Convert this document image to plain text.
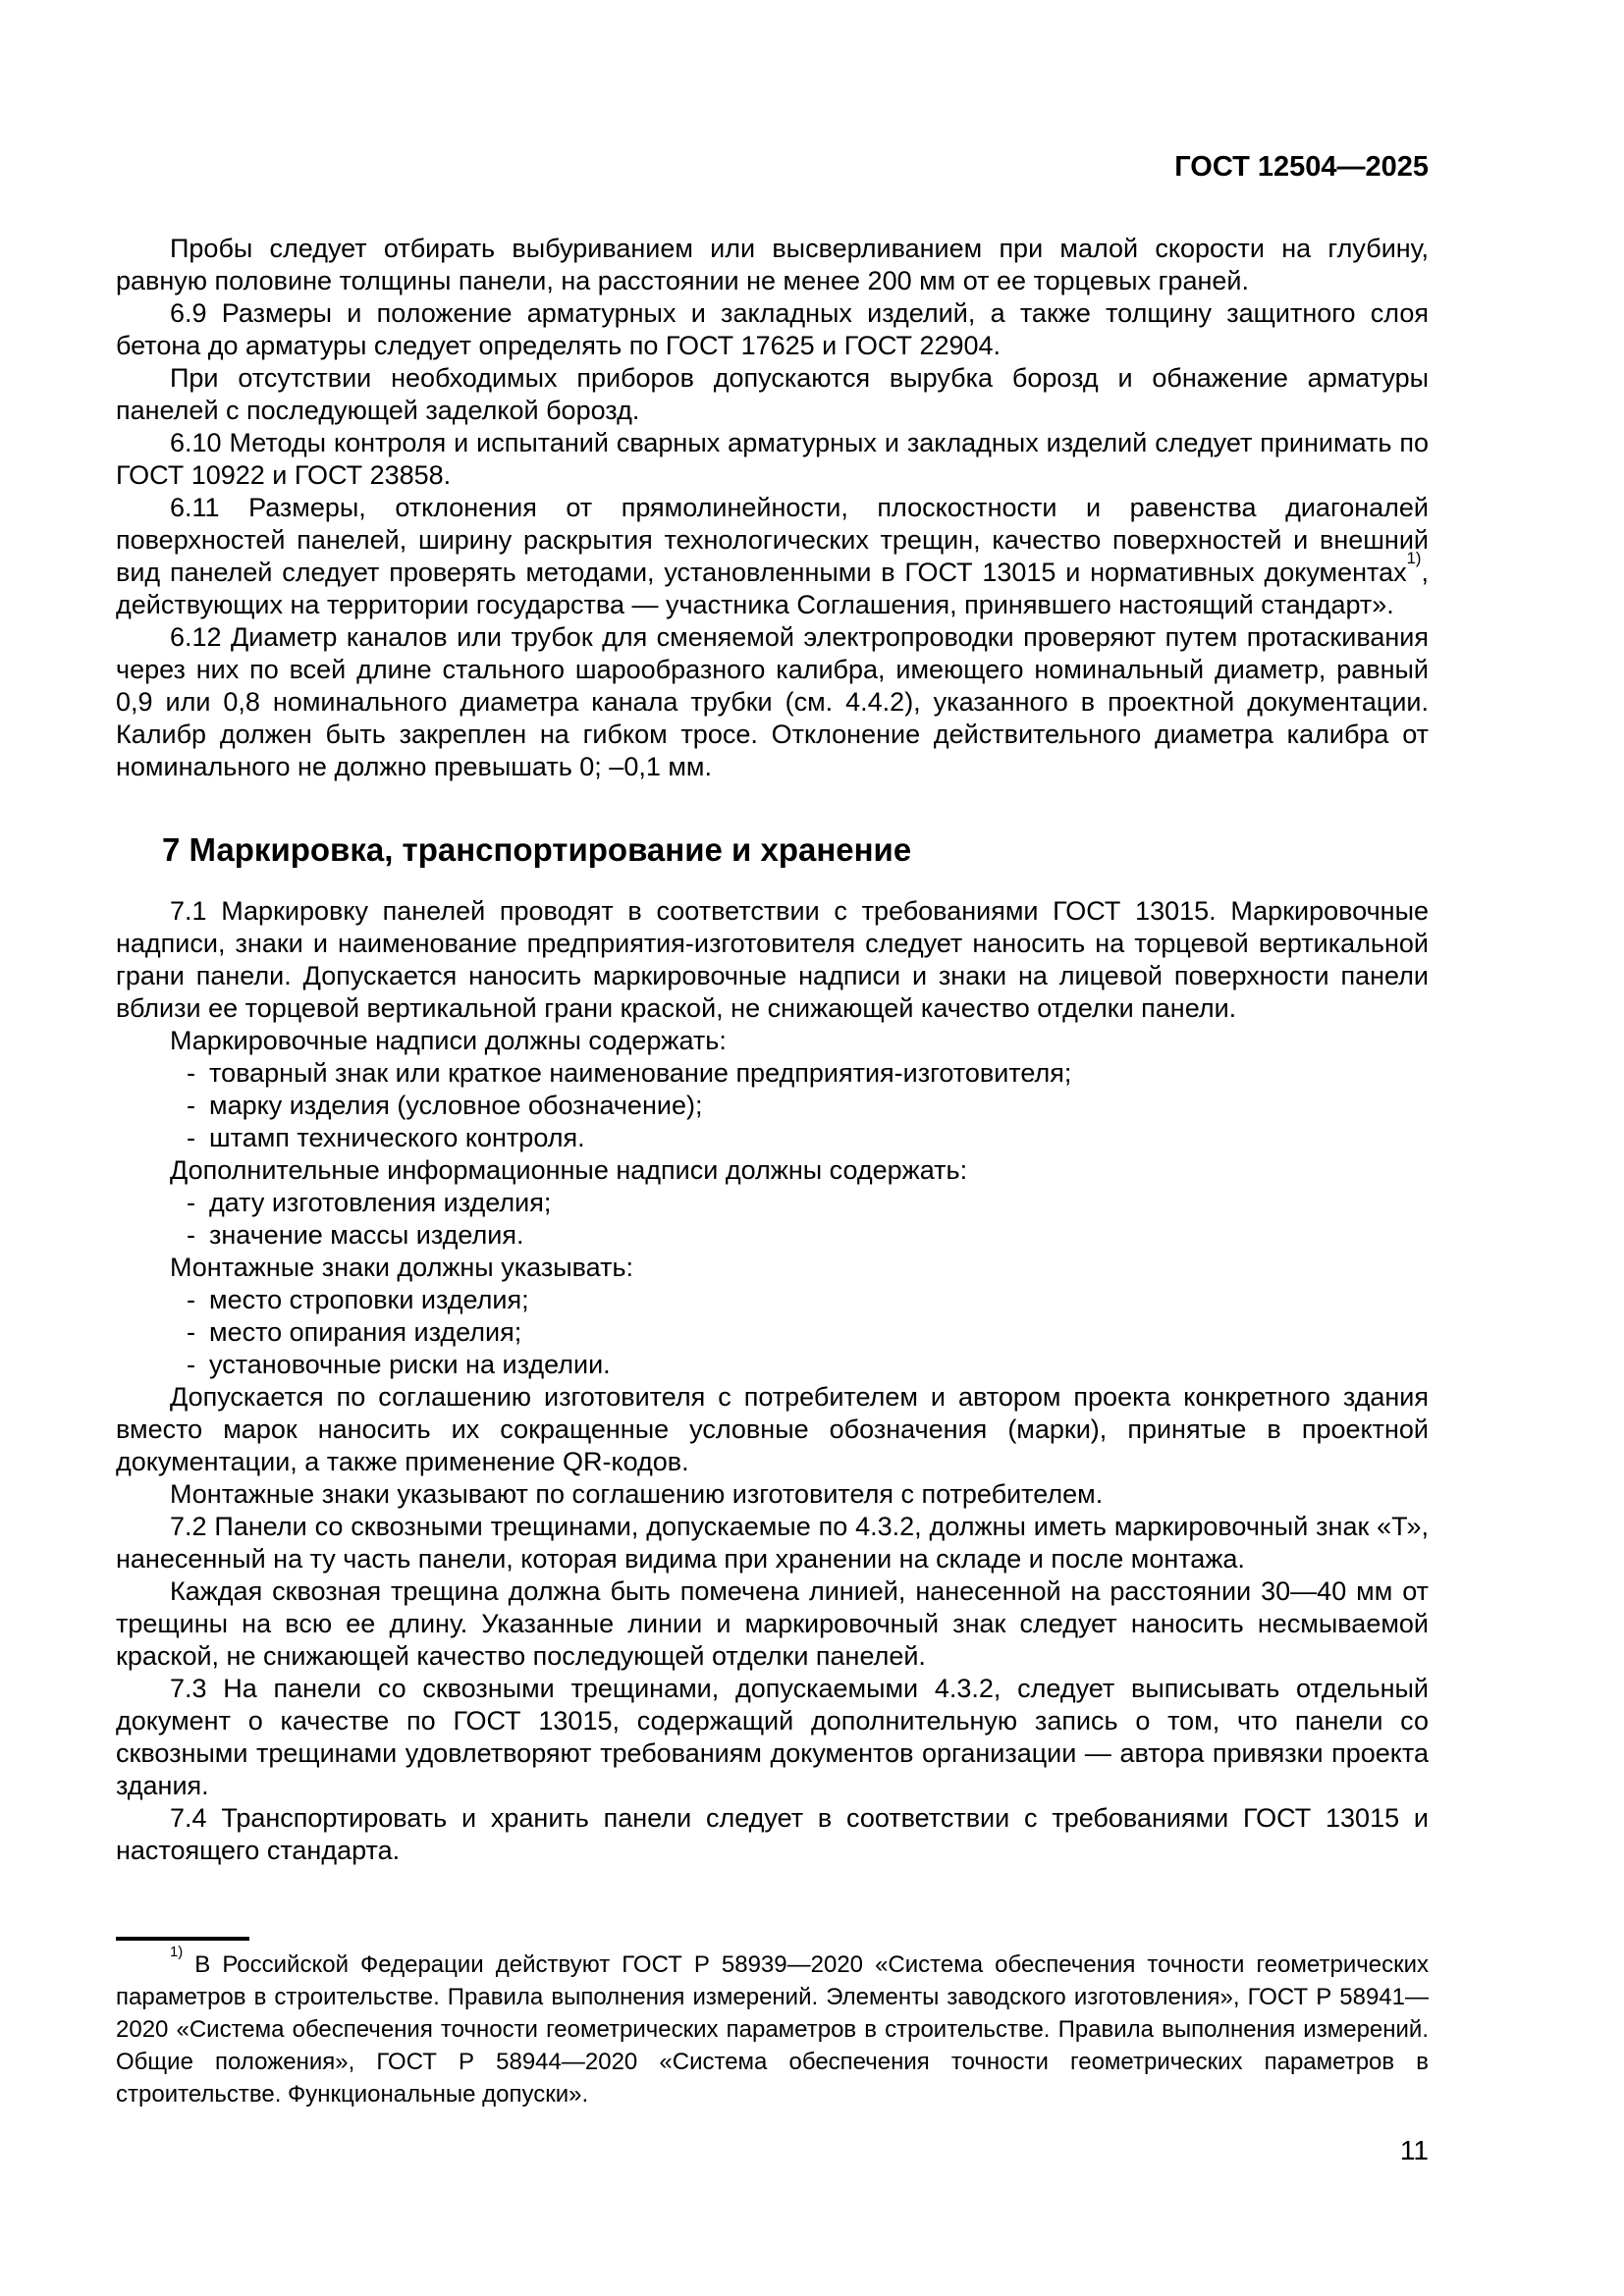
ГОСТ 12504—2025

Пробы следует отбирать выбуриванием или высверливанием при малой скорости на глубину, равную половине толщины панели, на расстоянии не менее 200 мм от ее торцевых граней.

6.9 Размеры и положение арматурных и закладных изделий, а также толщину защитного слоя бетона до арматуры следует определять по ГОСТ 17625 и ГОСТ 22904.

При отсутствии необходимых приборов допускаются вырубка борозд и обнажение арматуры панелей с последующей заделкой борозд.

6.10 Методы контроля и испытаний сварных арматурных и закладных изделий следует принимать по ГОСТ 10922 и ГОСТ 23858.

6.11 Размеры, отклонения от прямолинейности, плоскостности и равенства диагоналей поверхностей панелей, ширину раскрытия технологических трещин, качество поверхностей и внешний вид панелей следует проверять методами, установленными в ГОСТ 13015 и нормативных документах$^{1)}$, действующих на территории государства — участника Соглашения, принявшего настоящий стандарт».

6.12 Диаметр каналов или трубок для сменяемой электропроводки проверяют путем протаскивания через них по всей длине стального шарообразного калибра, имеющего номинальный диаметр, равный 0,9 или 0,8 номинального диаметра канала трубки (см. 4.4.2), указанного в проектной документации. Калибр должен быть закреплен на гибком тросе. Отклонение действительного диаметра калибра от номинального не должно превышать 0; –0,1 мм.

7 Маркировка, транспортирование и хранение

7.1 Маркировку панелей проводят в соответствии с требованиями ГОСТ 13015. Маркировочные надписи, знаки и наименование предприятия-изготовителя следует наносить на торцевой вертикальной грани панели. Допускается наносить маркировочные надписи и знаки на лицевой поверхности панели вблизи ее торцевой вертикальной грани краской, не снижающей качество отделки панели.

Маркировочные надписи должны содержать:

- товарный знак или краткое наименование предприятия-изготовителя;
- марку изделия (условное обозначение);
- штамп технического контроля.

Дополнительные информационные надписи должны содержать:

- дату изготовления изделия;
- значение массы изделия.

Монтажные знаки должны указывать:

- место строповки изделия;
- место опирания изделия;
- установочные риски на изделии.

Допускается по соглашению изготовителя с потребителем и автором проекта конкретного здания вместо марок наносить их сокращенные условные обозначения (марки), принятые в проектной документации, а также применение QR-кодов.

Монтажные знаки указывают по соглашению изготовителя с потребителем.

7.2 Панели со сквозными трещинами, допускаемые по 4.3.2, должны иметь маркировочный знак «Т», нанесенный на ту часть панели, которая видима при хранении на складе и после монтажа.

Каждая сквозная трещина должна быть помечена линией, нанесенной на расстоянии 30—40 мм от трещины на всю ее длину. Указанные линии и маркировочный знак следует наносить несмываемой краской, не снижающей качество последующей отделки панелей.

7.3 На панели со сквозными трещинами, допускаемыми 4.3.2, следует выписывать отдельный документ о качестве по ГОСТ 13015, содержащий дополнительную запись о том, что панели со сквозными трещинами удовлетворяют требованиям документов организации — автора привязки проекта здания.

7.4 Транспортировать и хранить панели следует в соответствии с требованиями ГОСТ 13015 и настоящего стандарта.

$^{1)}$ В Российской Федерации действуют ГОСТ Р 58939—2020 «Система обеспечения точности геометрических параметров в строительстве. Правила выполнения измерений. Элементы заводского изготовления», ГОСТ Р 58941—2020 «Система обеспечения точности геометрических параметров в строительстве. Правила выполнения измерений. Общие положения», ГОСТ Р 58944—2020 «Система обеспечения точности геометрических параметров в строительстве. Функциональные допуски».

11
